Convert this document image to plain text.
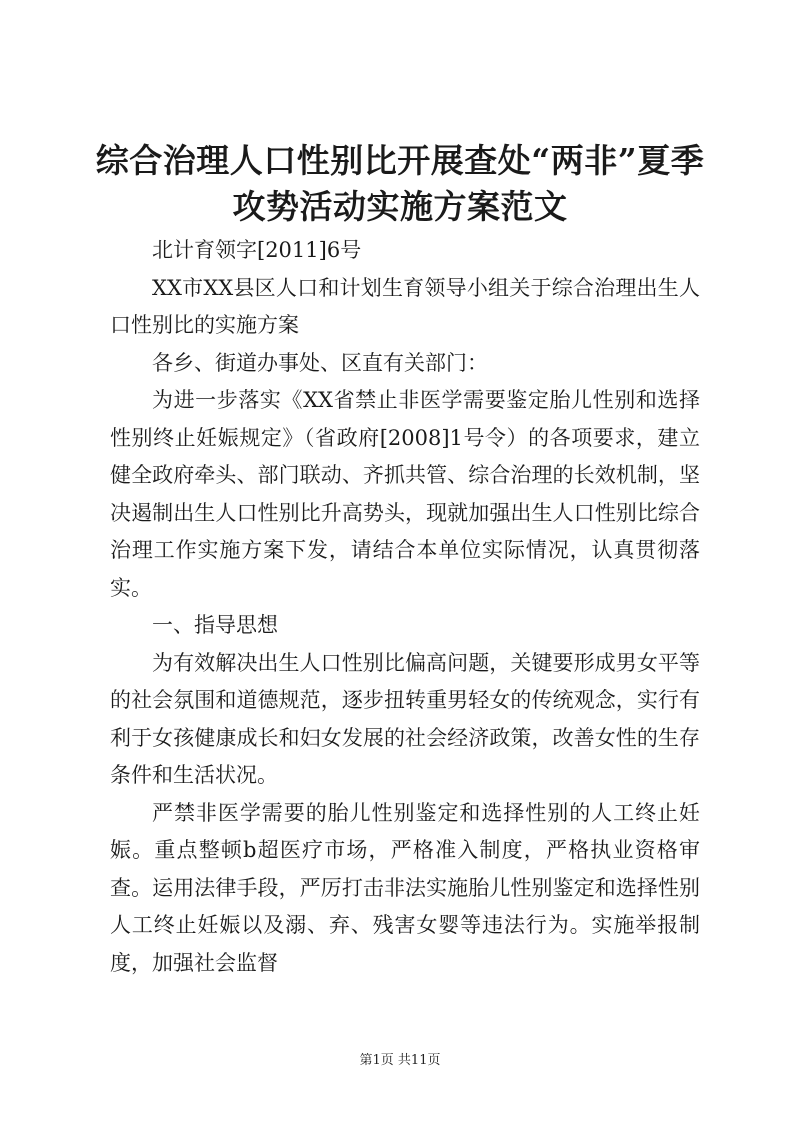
综合治理人口性别比开展查处“两非”夏季攻势活动实施方案范文

北计育领字[2011]6号

XX市XX县区人口和计划生育领导小组关于综合治理出生人口性别比的实施方案

各乡、街道办事处、区直有关部门：

为进一步落实《XX省禁止非医学需要鉴定胎儿性别和选择性别终止妊娠规定》（省政府[2008]1号令）的各项要求，建立健全政府牵头、部门联动、齐抓共管、综合治理的长效机制，坚决遏制出生人口性别比升高势头，现就加强出生人口性别比综合治理工作实施方案下发，请结合本单位实际情况，认真贯彻落实。

一、指导思想

为有效解决出生人口性别比偏高问题，关键要形成男女平等的社会氛围和道德规范，逐步扭转重男轻女的传统观念，实行有利于女孩健康成长和妇女发展的社会经济政策，改善女性的生存条件和生活状况。

严禁非医学需要的胎儿性别鉴定和选择性别的人工终止妊娠。重点整顿b超医疗市场，严格准入制度，严格执业资格审查。运用法律手段，严厉打击非法实施胎儿性别鉴定和选择性别人工终止妊娠以及溺、弃、残害女婴等违法行为。实施举报制度，加强社会监督

第1页 共11页
